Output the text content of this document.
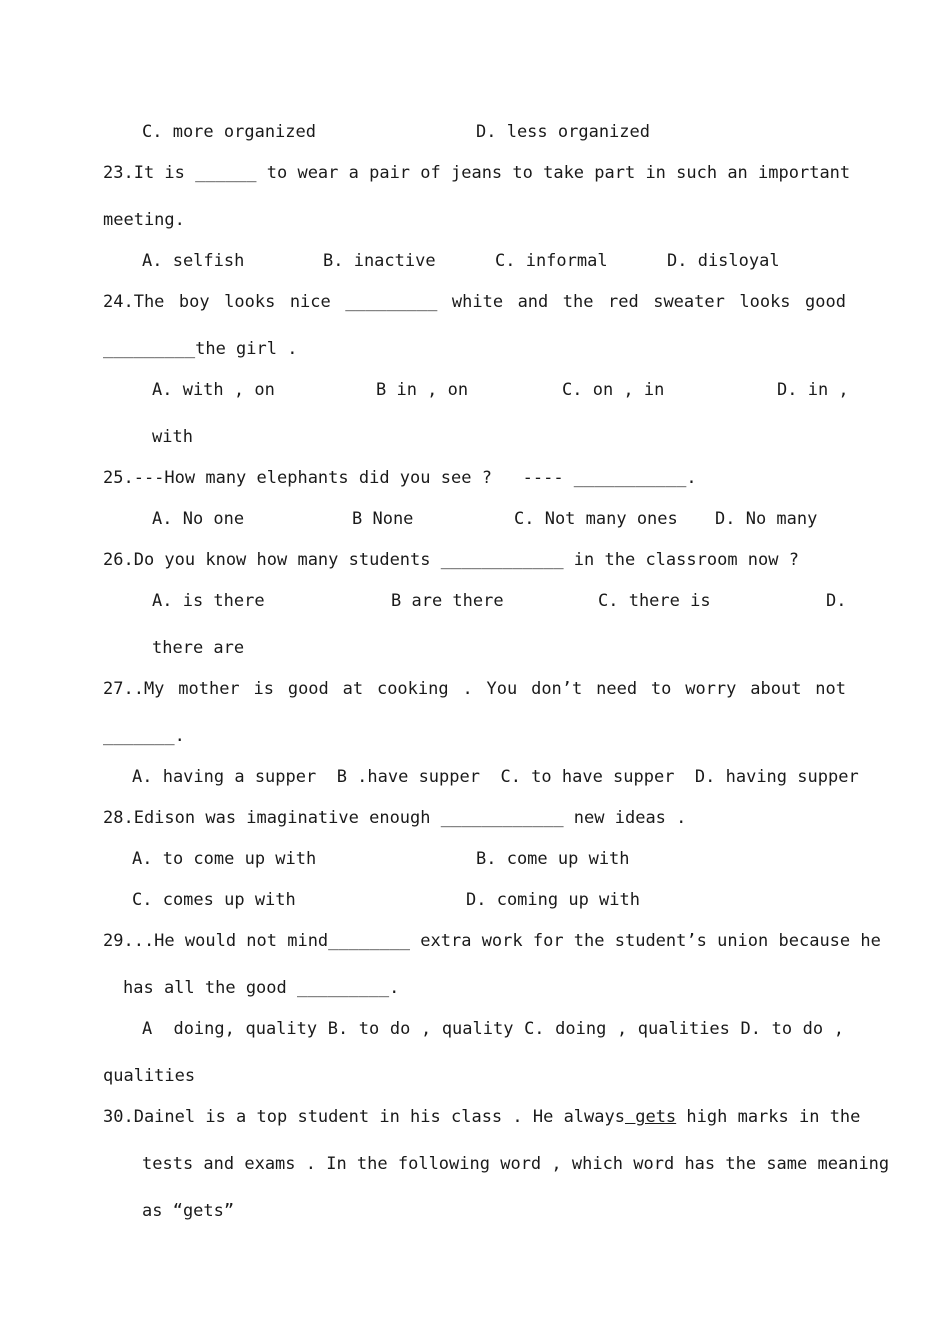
C. more organized	D. less organized
23.It is ______ to wear a pair of jeans to take part in such an important
meeting.
A. selfish	B. inactive	C. informal	D. disloyal
24.The boy looks nice _________ white and the red sweater looks good
_________the girl .
A. with , on	B in , on	C. on , in	D. in ,
with
25.---How many elephants did you see ?   ---- ___________.
A. No one	B None	C. Not many ones D. No many
26.Do you know how many students ____________ in the classroom now ?
A. is there	B are there	C. there is	D.
there are
27..My mother is good at cooking . You don’t need to worry about not
_______.
A. having a supper  B .have supper  C. to have supper  D. having supper
28.Edison was imaginative enough ____________ new ideas .
A. to come up with	B. come up with
C. comes up with	D. coming up with
29...He would not mind________ extra work for the student’s union because he
has all the good _________.
A  doing, quality B. to do , quality C. doing , qualities D. to do ,
qualities
30.Dainel is a top student in his class . He always gets high marks in the
tests and exams . In the following word , which word has the same meaning
as “gets”
